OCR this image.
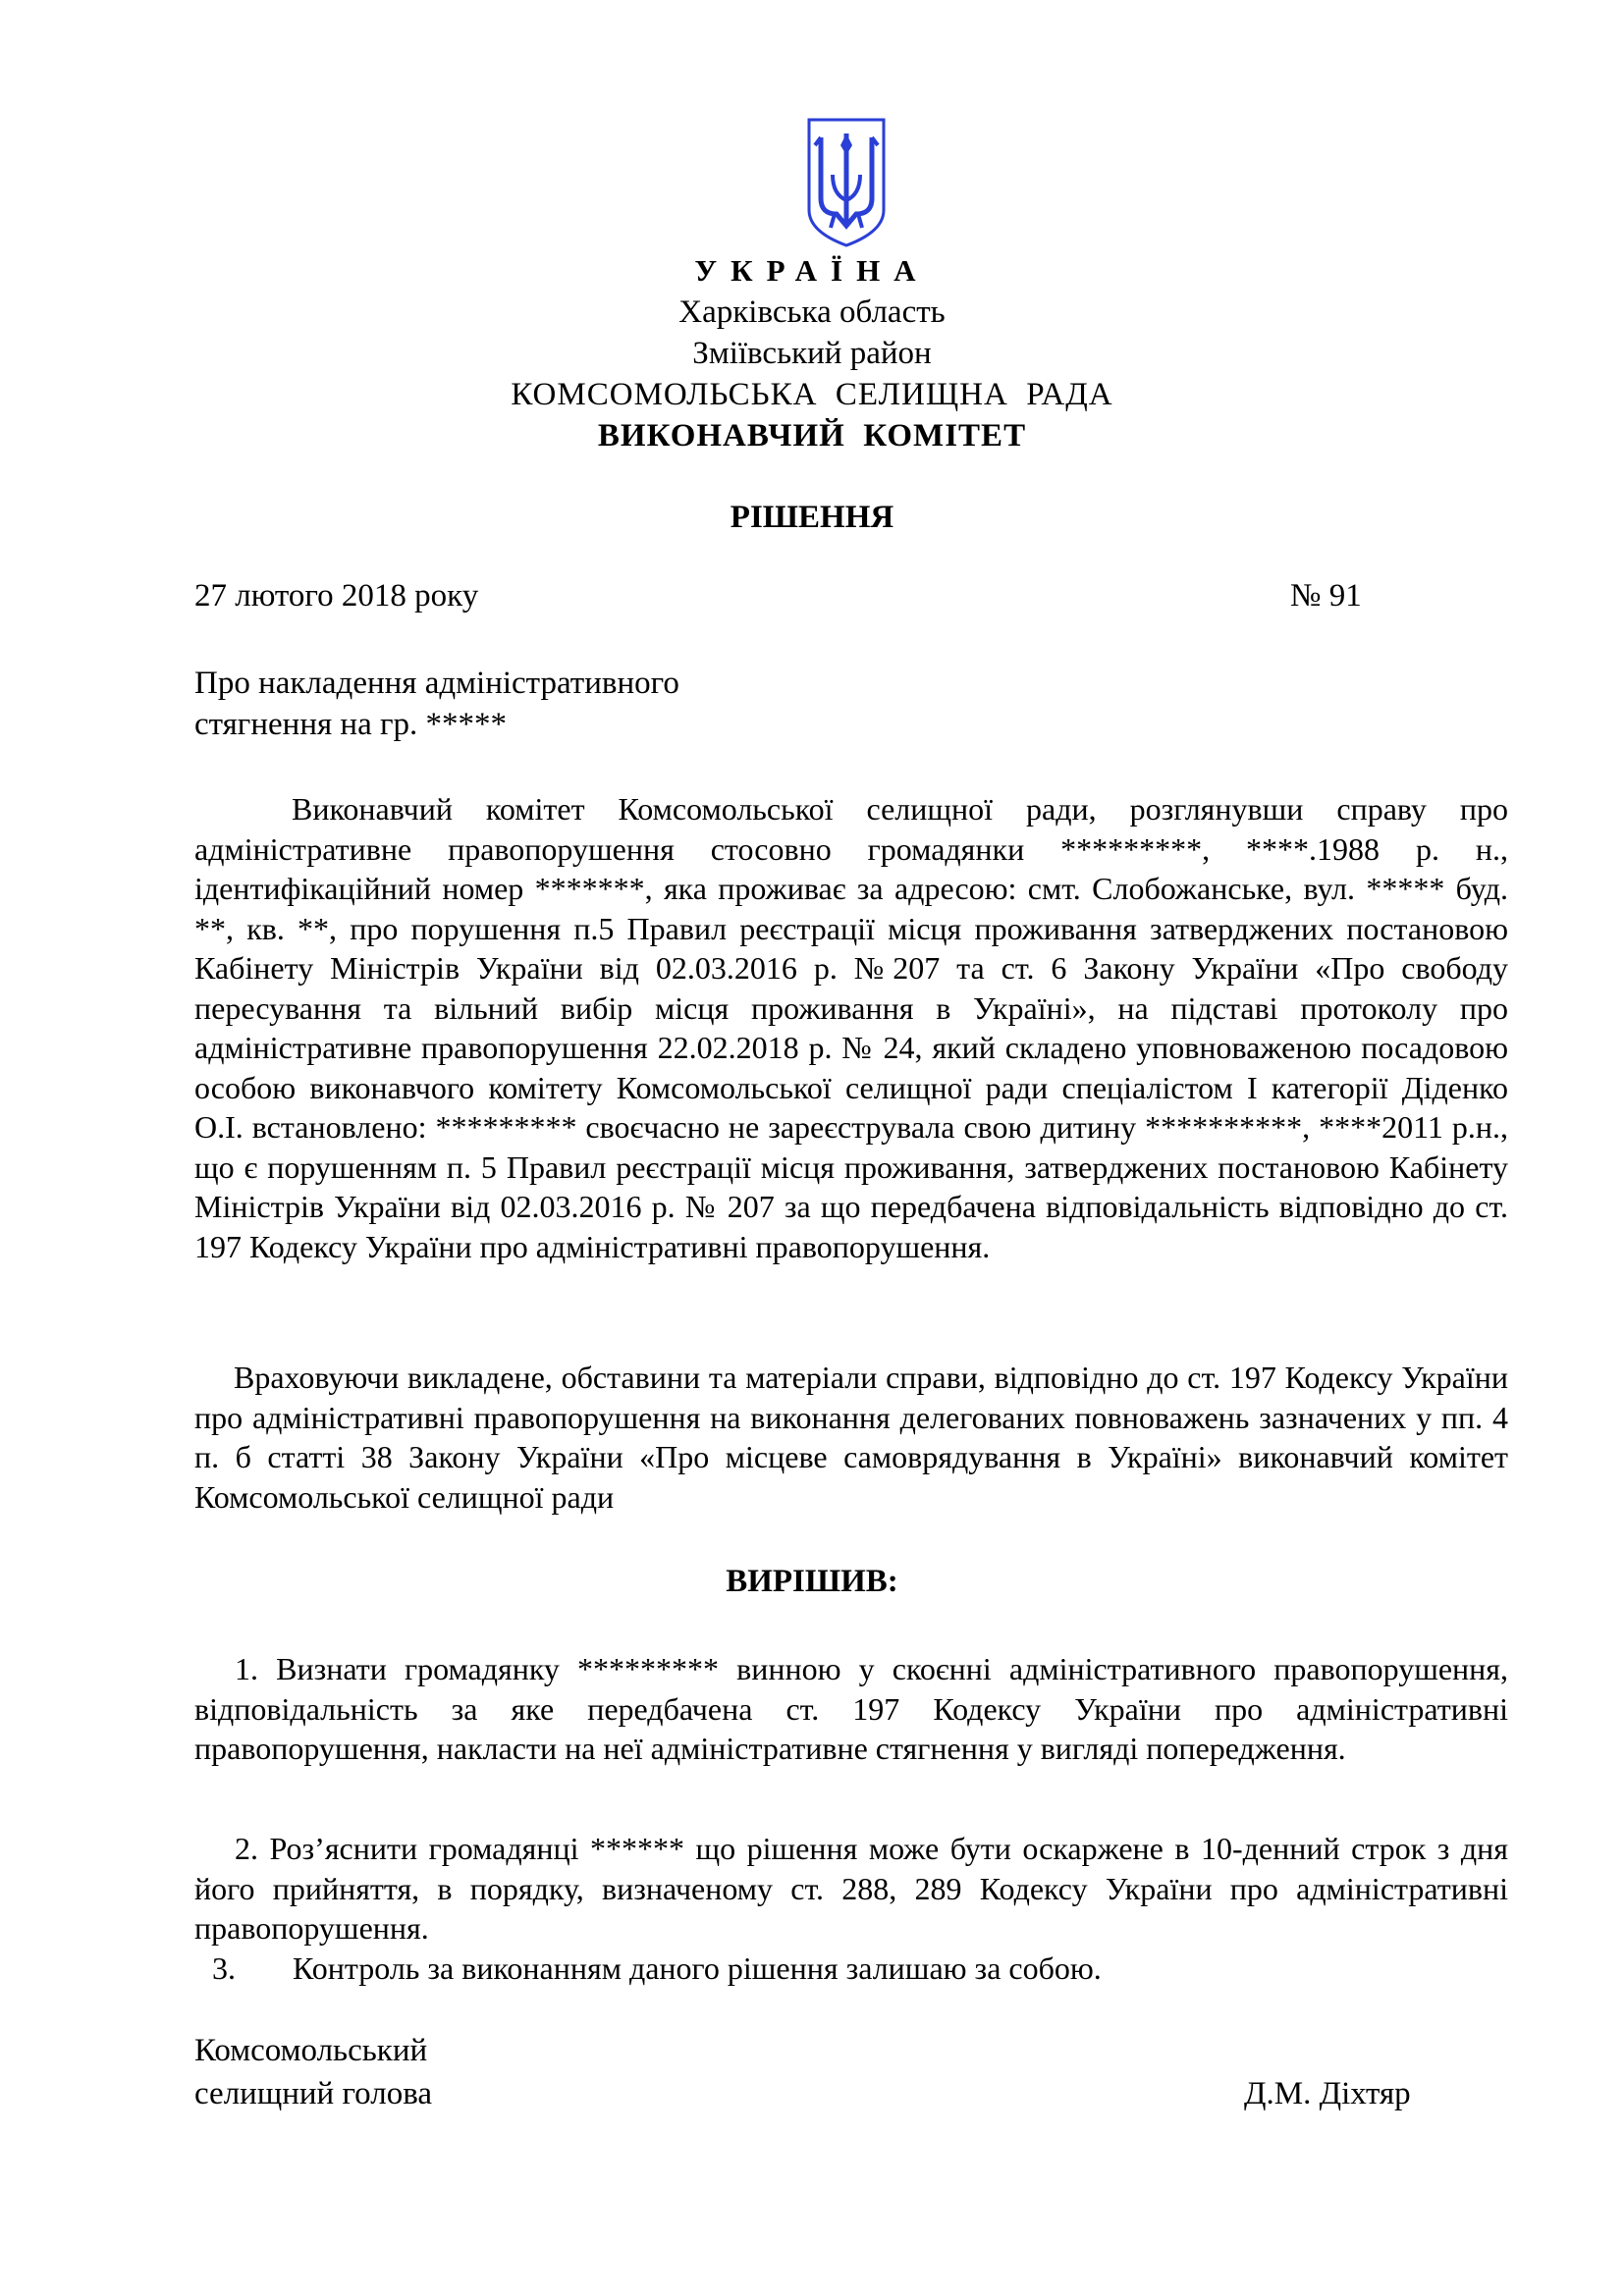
УКРАЇНА
Харківська область
Зміївський район
КОМСОМОЛЬСЬКА  СЕЛИЩНА  РАДА
ВИКОНАВЧИЙ  КОМІТЕТ
РІШЕННЯ
27 лютого 2018 року	№ 91
Про накладення адміністративного
стягнення на гр. *****
Виконавчий комітет Комсомольської селищної ради, розглянувши справу про адміністративне правопорушення стосовно громадянки *********, ****.1988 р. н., ідентифікаційний номер *******, яка проживає за адресою: смт. Слобожанське, вул. ***** буд. **, кв. **, про порушення п.5 Правил реєстрації місця проживання затверджених постановою Кабінету Міністрів України від 02.03.2016 р. №207 та ст. 6 Закону України «Про свободу пересування та вільний вибір місця проживання в Україні», на підставі протоколу про адміністративне правопорушення 22.02.2018 р. № 24, який складено уповноваженою посадовою особою виконавчого комітету Комсомольської селищної ради спеціалістом І категорії Діденко О.І. встановлено: ********* своєчасно не зареєструвала свою дитину **********, ****2011 р.н., що є порушенням п. 5 Правил реєстрації місця проживання, затверджених постановою Кабінету Міністрів України від 02.03.2016 р. № 207 за що передбачена відповідальність відповідно до ст. 197 Кодексу України про адміністративні правопорушення.
Враховуючи викладене, обставини та матеріали справи, відповідно до ст. 197 Кодексу України про адміністративні правопорушення на виконання делегованих повноважень зазначених у пп. 4 п. б статті 38 Закону України «Про місцеве самоврядування в Україні» виконавчий комітет Комсомольської селищної ради
ВИРІШИВ:
1. Визнати громадянку ********* винною у скоєнні адміністративного правопорушення, відповідальність за яке передбачена ст. 197 Кодексу України про адміністративні правопорушення, накласти на неї адміністративне стягнення у вигляді попередження.
2. Роз’яснити громадянці ****** що рішення може бути оскаржене в 10-денний строк з дня його прийняття, в порядку, визначеному ст. 288, 289 Кодексу України про адміністративні правопорушення.
3. Контроль за виконанням даного рішення залишаю за собою.
Комсомольський
селищний голова	Д.М. Діхтяр
